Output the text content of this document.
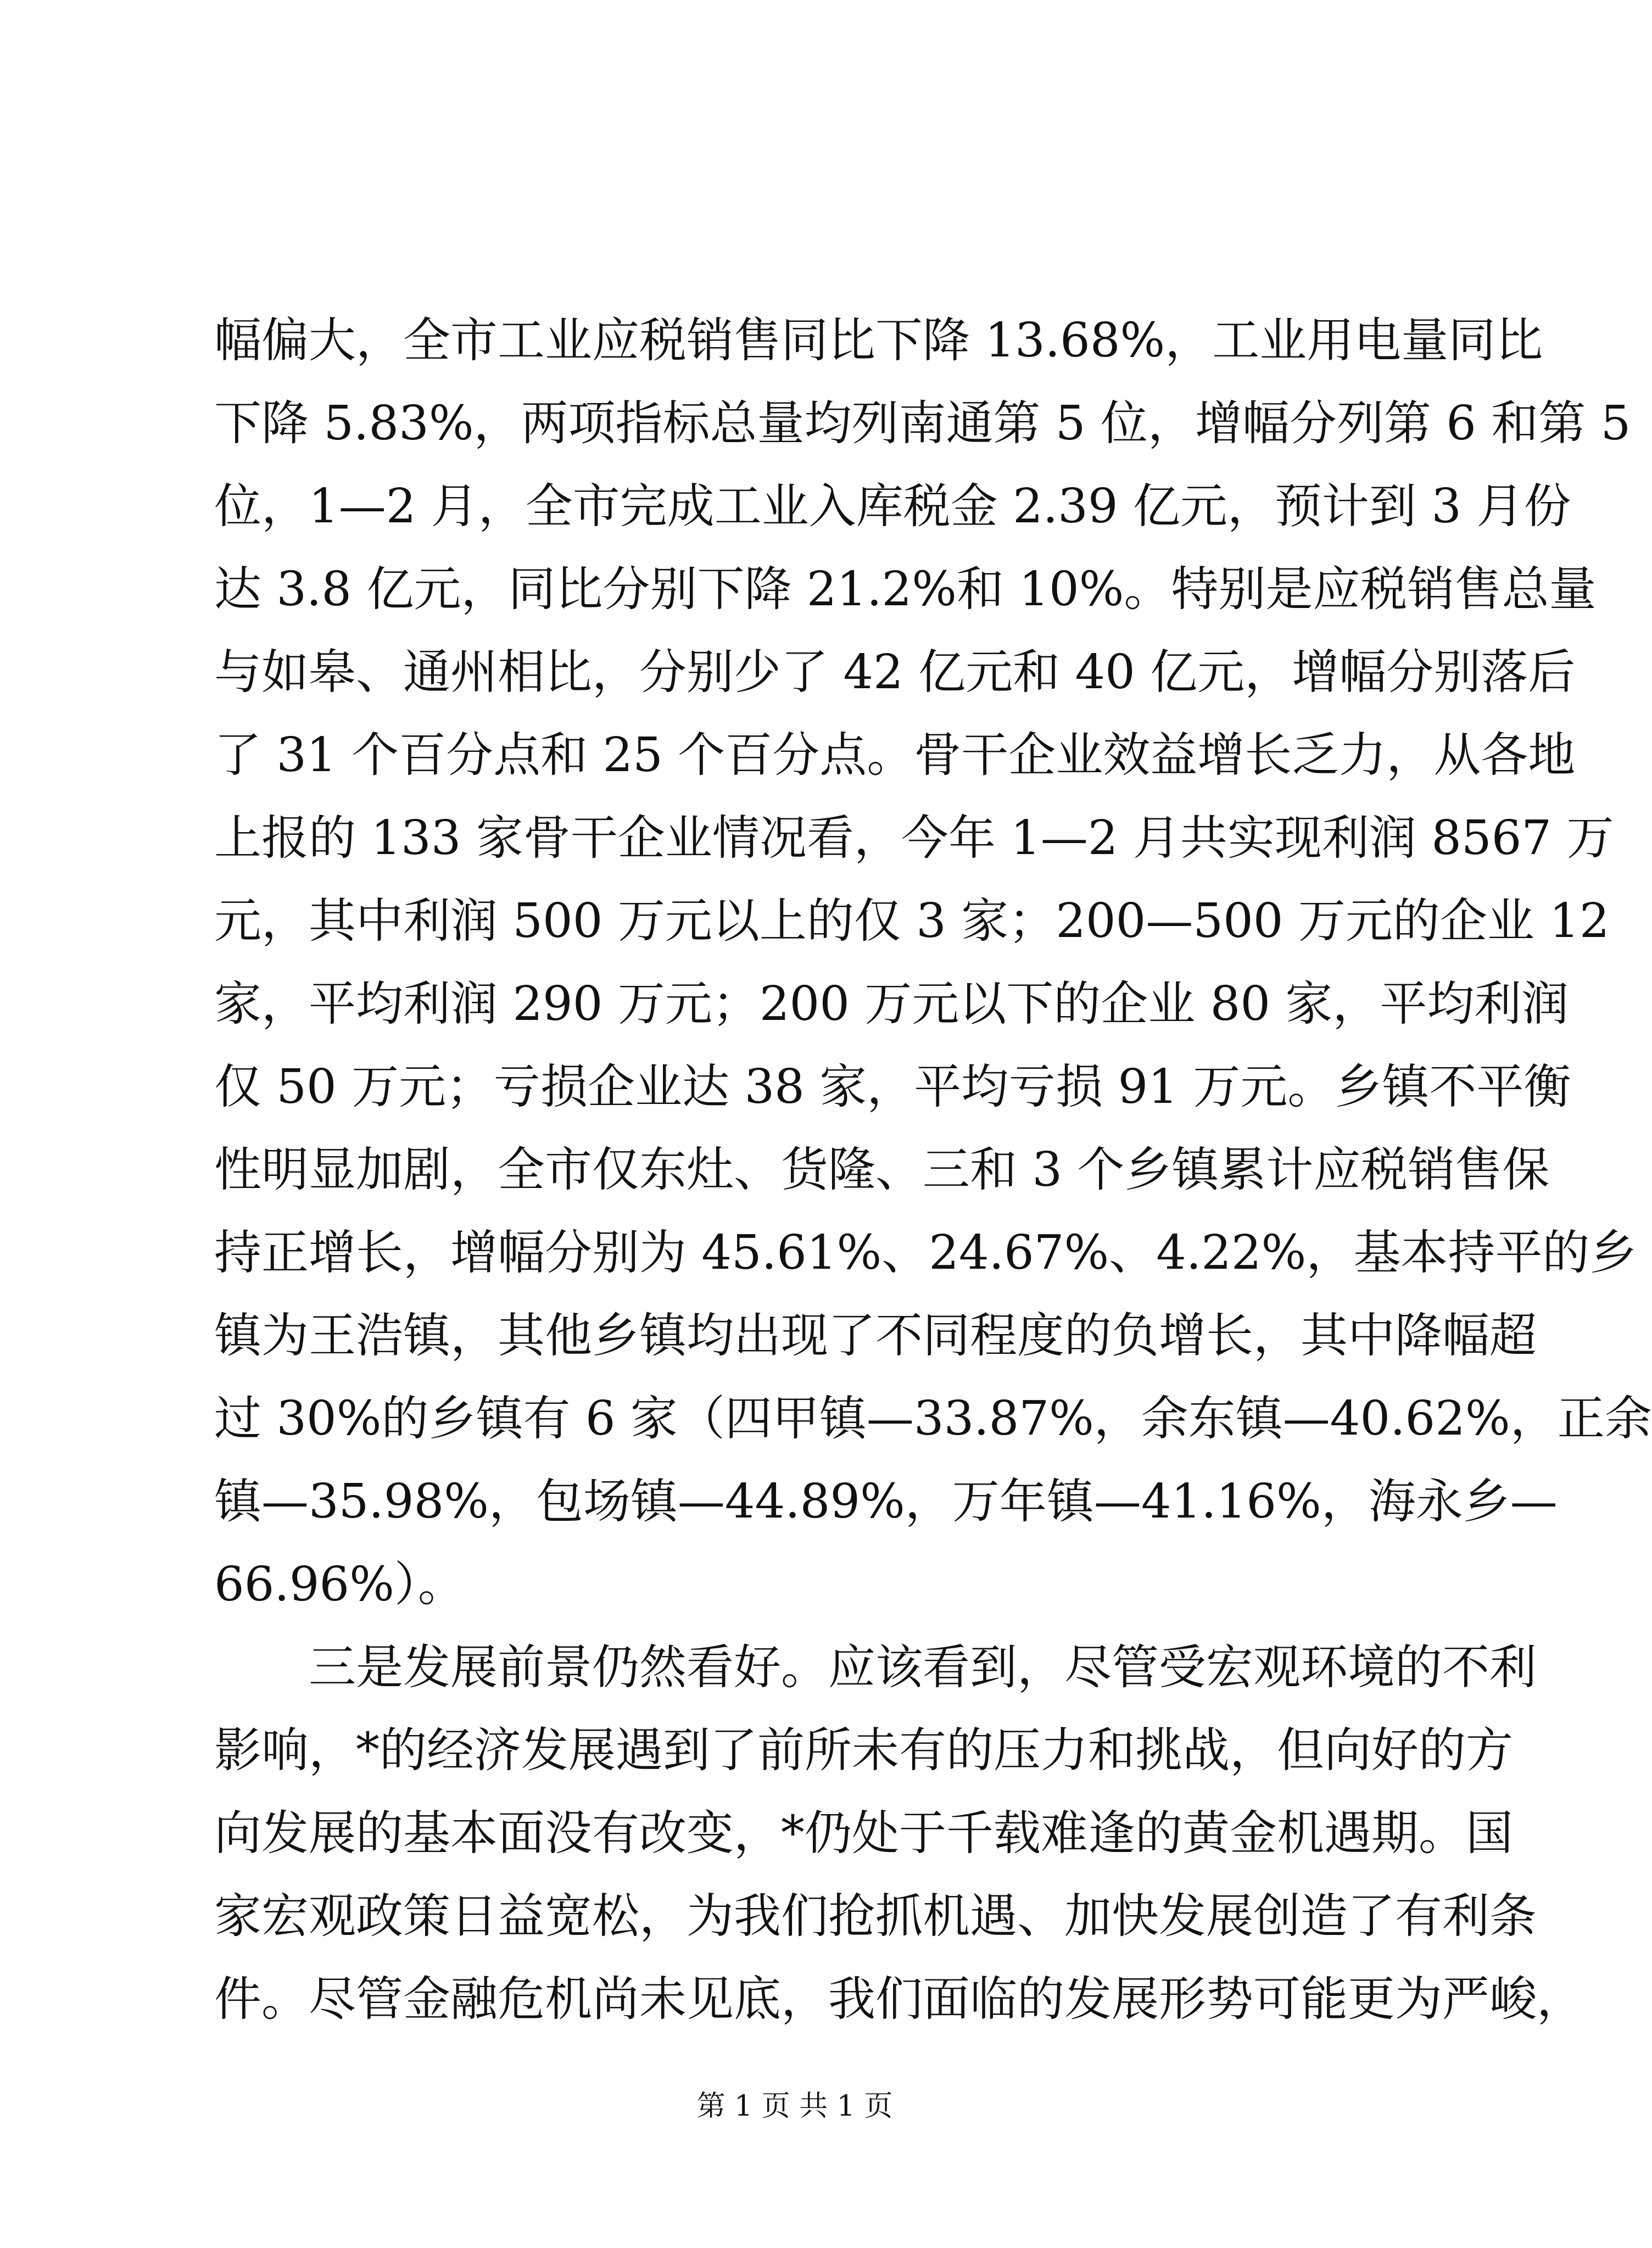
幅偏大，全市工业应税销售同比下降 13.68%，工业用电量同比
下降 5.83%，两项指标总量均列南通第 5 位，增幅分列第 6 和第 5
位，1—2 月，全市完成工业入库税金 2.39 亿元，预计到 3 月份
达 3.8 亿元，同比分别下降 21.2%和 10%。特别是应税销售总量
与如皋、通州相比，分别少了 42 亿元和 40 亿元，增幅分别落后
了 31 个百分点和 25 个百分点。骨干企业效益增长乏力，从各地
上报的 133 家骨干企业情况看，今年 1—2 月共实现利润 8567 万
元，其中利润 500 万元以上的仅 3 家；200—500 万元的企业 12
家，平均利润 290 万元；200 万元以下的企业 80 家，平均利润
仅 50 万元；亏损企业达 38 家，平均亏损 91 万元。乡镇不平衡
性明显加剧，全市仅东灶、货隆、三和 3 个乡镇累计应税销售保
持正增长，增幅分别为 45.61%、24.67%、4.22%，基本持平的乡
镇为王浩镇，其他乡镇均出现了不同程度的负增长，其中降幅超
过 30%的乡镇有 6 家（四甲镇—33.87%，余东镇—40.62%，正余
镇—35.98%，包场镇—44.89%，万年镇—41.16%，海永乡—
66.96%）。
三是发展前景仍然看好。应该看到，尽管受宏观环境的不利
影响，*的经济发展遇到了前所未有的压力和挑战，但向好的方
向发展的基本面没有改变，*仍处于千载难逢的黄金机遇期。国
家宏观政策日益宽松，为我们抢抓机遇、加快发展创造了有利条
件。尽管金融危机尚未见底，我们面临的发展形势可能更为严峻，
第 1 页 共 1 页
